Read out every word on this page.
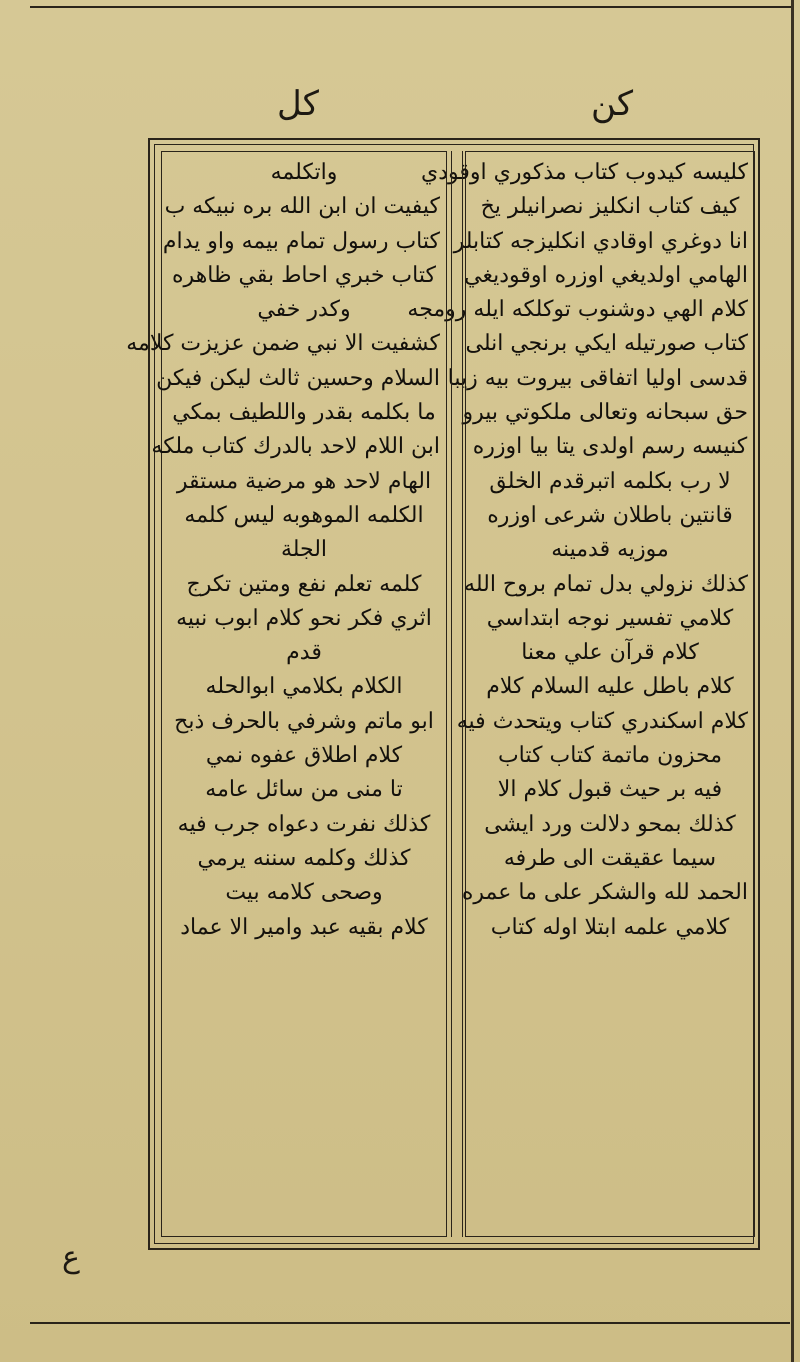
كل	كن
كليسه كيدوب كتاب مذكوري اوقودي
كيف كتاب انكليز نصرانيلر يخ
انا دوغري اوقادي انكليزجه كتابلر
الهامي اولديغي اوزره اوقوديغي
كلام الهي دوشنوب توكلكه ايله رومجه
كتاب صورتيله ايكي برنجي انلى
قدسى اوليا اتفاقى بيروت بيه زيبا
حق سبحانه وتعالى ملكوتي بيرو
كنيسه رسم اولدى يتا بيا اوزره
لا رب بكلمه اتبرقدم الخلق
قانتين باطلان شرعى اوزره
موزيه قدمينه
كذلك نزولي بدل تمام بروح الله
كلامي تفسير نوجه ابتداسي
كلام قرآن علي معنا
كلام باطل عليه السلام كلام
كلام اسكندري كتاب ويتحدث فيه
محزون ماتمة كتاب كتاب
فيه بر حيث قبول كلام الا
كذلك بمحو دلالت ورد ايشى
سيما عقيقت الى طرفه
الحمد لله والشكر على ما عمره
كلامي علمه ابتلا اوله كتاب
واتكلمه
كيفيت ان ابن الله بره نبيكه ب
كتاب رسول تمام بيمه واو يدام
كتاب خبري احاط بقي ظاهره
وكدر خفي
كشفيت الا نبي ضمن عزيزت كلامه
السلام وحسين ثالث ليكن فيكن
ما بكلمه بقدر واللطيف بمكي
ابن اللام لاحد بالدرك كتاب ملكه
الهام لاحد هو مرضية مستقر
الكلمه الموهوبه ليس كلمه
الجلة
كلمه تعلم نفع ومتين تكرج
اثري فكر نحو كلام ابوب نبيه
قدم
الكلام بكلامي ابوالحله
ابو ماتم وشرفي بالحرف ذبح
كلام اطلاق عفوه نمي
تا منى من سائل عامه
كذلك نفرت دعواه جرب فيه
كذلك وكلمه سننه يرمي
وصحى كلامه بيت
كلام بقيه عبد وامير الا عماد
ع
